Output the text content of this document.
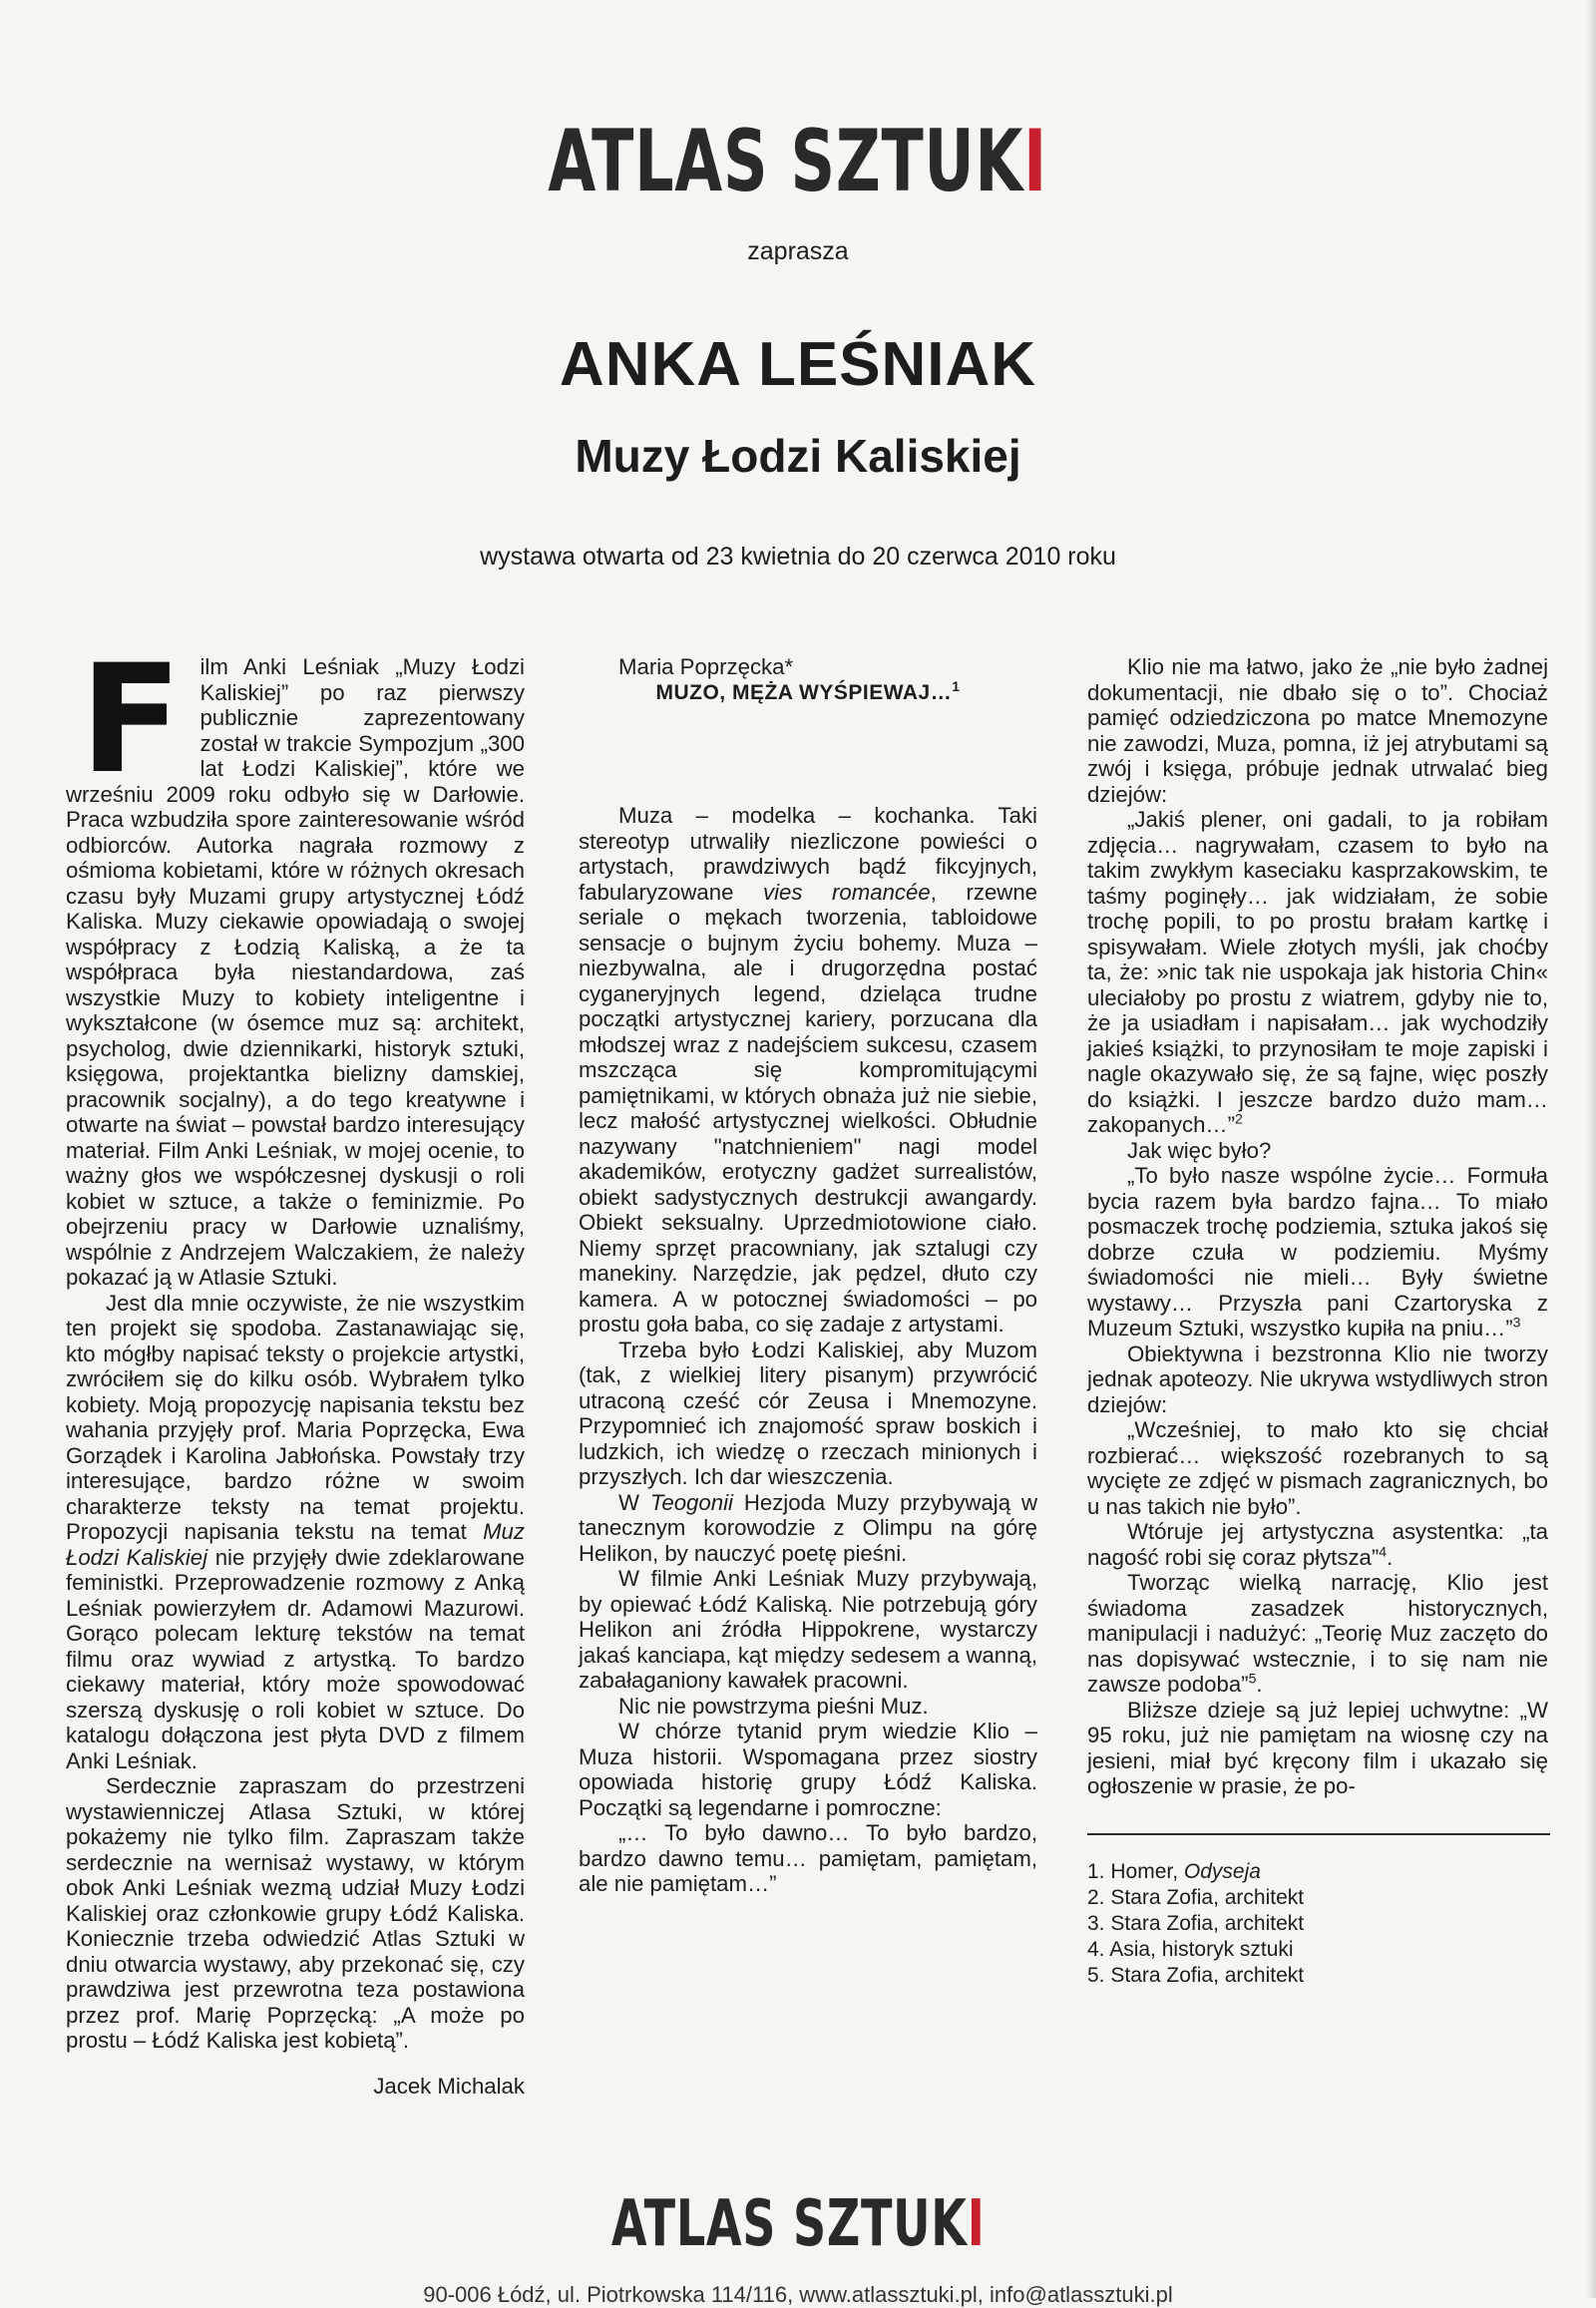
ATLAS SZTUKI
zaprasza
ANKA LEŚNIAK
Muzy Łodzi Kaliskiej
wystawa otwarta od 23 kwietnia do 20 czerwca 2010 roku
F ilm Anki Leśniak „Muzy Łodzi Kaliskiej” po raz pierwszy publicznie zaprezentowany został w trakcie Sympozjum „300 lat Łodzi Kaliskiej”, które we wrześniu 2009 roku odbyło się w Darłowie. Praca wzbudziła spore zainteresowanie wśród odbiorców. Autorka nagrała rozmowy z ośmioma kobietami, które w różnych okresach czasu były Muzami grupy artystycznej Łódź Kaliska. Muzy ciekawie opowiadają o swojej współpracy z Łodzią Kaliską, a że ta współpraca była niestandardowa, zaś wszystkie Muzy to kobiety inteligentne i wykształcone (w ósemce muz są: architekt, psycholog, dwie dziennikarki, historyk sztuki, księgowa, projektantka bielizny damskiej, pracownik socjalny), a do tego kreatywne i otwarte na świat – powstał bardzo interesujący materiał. Film Anki Leśniak, w mojej ocenie, to ważny głos we współczesnej dyskusji o roli kobiet w sztuce, a także o feminizmie. Po obejrzeniu pracy w Darłowie uznaliśmy, wspólnie z Andrzejem Walczakiem, że należy pokazać ją w Atlasie Sztuki.

Jest dla mnie oczywiste, że nie wszystkim ten projekt się spodoba. Zastanawiając się, kto mógłby napisać teksty o projekcie artystki, zwróciłem się do kilku osób. Wybrałem tylko kobiety. Moją propozycję napisania tekstu bez wahania przyjęły prof. Maria Poprzęcka, Ewa Gorządek i Karolina Jabłońska. Powstały trzy interesujące, bardzo różne w swoim charakterze teksty na temat projektu. Propozycji napisania tekstu na temat Muz Łodzi Kaliskiej nie przyjęły dwie zdeklarowane feministki. Przeprowadzenie rozmowy z Anką Leśniak powierzyłem dr. Adamowi Mazurowi. Gorąco polecam lekturę tekstów na temat filmu oraz wywiad z artystką. To bardzo ciekawy materiał, który może spowodować szerszą dyskusję o roli kobiet w sztuce. Do katalogu dołączona jest płyta DVD z filmem Anki Leśniak.

Serdecznie zapraszam do przestrzeni wystawienniczej Atlasa Sztuki, w której pokażemy nie tylko film. Zapraszam także serdecznie na wernisaż wystawy, w którym obok Anki Leśniak wezmą udział Muzy Łodzi Kaliskiej oraz członkowie grupy Łódź Kaliska. Koniecznie trzeba odwiedzić Atlas Sztuki w dniu otwarcia wystawy, aby przekonać się, czy prawdziwa jest przewrotna teza postawiona przez prof. Marię Poprzęcką: „A może po prostu – Łódź Kaliska jest kobietą”.

Jacek Michalak

Maria Poprzęcka*

MUZO, MĘŻA WYŚPIEWAJ…$^1$

Muza – modelka – kochanka. Taki stereotyp utrwaliły niezliczone powieści o artystach, prawdziwych bądź fikcyjnych, fabularyzowane vies romancée, rzewne seriale o mękach tworzenia, tabloidowe sensacje o bujnym życiu bohemy. Muza – niezbywalna, ale i drugorzędna postać cyganeryjnych legend, dzieląca trudne początki artystycznej kariery, porzucana dla młodszej wraz z nadejściem sukcesu, czasem mszcząca się kompromitującymi pamiętnikami, w których obnaża już nie siebie, lecz małość artystycznej wielkości. Obłudnie nazywany "natchnieniem" nagi model akademików, erotyczny gadżet surrealistów, obiekt sadystycznych destrukcji awangardy. Obiekt seksualny. Uprzedmiotowione ciało. Niemy sprzęt pracowniany, jak sztalugi czy manekiny. Narzędzie, jak pędzel, dłuto czy kamera. A w potocznej świadomości – po prostu goła baba, co się zadaje z artystami.

Trzeba było Łodzi Kaliskiej, aby Muzom (tak, z wielkiej litery pisanym) przywrócić utraconą cześć cór Zeusa i Mnemozyne. Przypomnieć ich znajomość spraw boskich i ludzkich, ich wiedzę o rzeczach minionych i przyszłych. Ich dar wieszczenia.

W Teogonii Hezjoda Muzy przybywają w tanecznym korowodzie z Olimpu na górę Helikon, by nauczyć poetę pieśni.

W filmie Anki Leśniak Muzy przybywają, by opiewać Łódź Kaliską. Nie potrzebują góry Helikon ani źródła Hippokrene, wystarczy jakaś kanciapa, kąt między sedesem a wanną, zabałaganiony kawałek pracowni.

Nic nie powstrzyma pieśni Muz.

W chórze tytanid prym wiedzie Klio – Muza historii. Wspomagana przez siostry opowiada historię grupy Łódź Kaliska. Początki są legendarne i pomroczne:

„… To było dawno… To było bardzo, bardzo dawno temu… pamiętam, pamiętam, ale nie pamiętam…”

Klio nie ma łatwo, jako że „nie było żadnej dokumentacji, nie dbało się o to”. Chociaż pamięć odziedziczona po matce Mnemozyne nie zawodzi, Muza, pomna, iż jej atrybutami są zwój i księga, próbuje jednak utrwalać bieg dziejów:

„Jakiś plener, oni gadali, to ja robiłam zdjęcia… nagrywałam, czasem to było na takim zwykłym kaseciaku kasprzakowskim, te taśmy poginęły… jak widziałam, że sobie trochę popili, to po prostu brałam kartkę i spisywałam. Wiele złotych myśli, jak choćby ta, że: »nic tak nie uspokaja jak historia Chin« uleciałoby po prostu z wiatrem, gdyby nie to, że ja usiadłam i napisałam… jak wychodziły jakieś książki, to przynosiłam te moje zapiski i nagle okazywało się, że są fajne, więc poszły do książki. I jeszcze bardzo dużo mam… zakopanych…”$^2$

Jak więc było?

„To było nasze wspólne życie… Formuła bycia razem była bardzo fajna… To miało posmaczek trochę podziemia, sztuka jakoś się dobrze czuła w podziemiu. Myśmy świadomości nie mieli… Były świetne wystawy… Przyszła pani Czartoryska z Muzeum Sztuki, wszystko kupiła na pniu…”$^3$

Obiektywna i bezstronna Klio nie tworzy jednak apoteozy. Nie ukrywa wstydliwych stron dziejów:

„Wcześniej, to mało kto się chciał rozbierać… większość rozebranych to są wycięte ze zdjęć w pismach zagranicznych, bo u nas takich nie było”.

Wtóruje jej artystyczna asystentka: „ta nagość robi się coraz płytsza”$^4$.

Tworząc wielką narrację, Klio jest świadoma zasadzek historycznych, manipulacji i nadużyć: „Teorię Muz zaczęto do nas dopisywać wstecznie, i to się nam nie zawsze podoba”$^5$.

Bliższe dzieje są już lepiej uchwytne: „W 95 roku, już nie pamiętam na wiosnę czy na jesieni, miał być kręcony film i ukazało się ogłoszenie w prasie, że po-

1. Homer, Odyseja
2. Stara Zofia, architekt
3. Stara Zofia, architekt
4. Asia, historyk sztuki
5. Stara Zofia, architekt
ATLAS SZTUKI
90-006 Łódź, ul. Piotrkowska 114/116, www.atlassztuki.pl, info@atlassztuki.pl
